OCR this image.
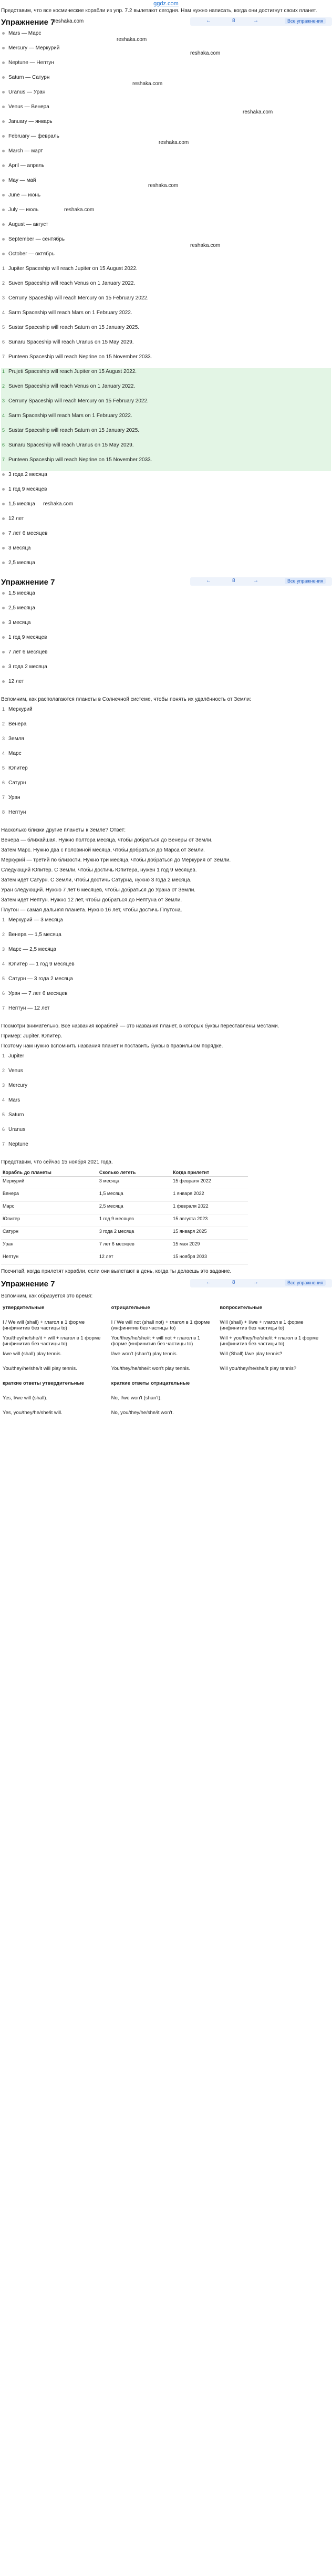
ggdz.com

Представим, что все космические корабли из упр. 7.2 вылетают сегодня. Нам нужно написать, когда они достигнут своих планет.

Упражнение 7
reshaka.com	←	8	→	Все упражнения
Mars — Марс
reshaka.com
Mercury — Меркурий
reshaka.com
Neptune — Нептун
Saturn — Сатурн
reshaka.com
Uranus — Уран
Venus — Венера
reshaka.com
January — январь
February — февраль
reshaka.com
March — март
April — апрель
May — май
reshaka.com
June — июнь
July — июль	reshaka.com
August — август
September — сентябрь
reshaka.com
October — октябрь
1 Jupiter Spaceship will reach Jupiter on 15 August 2022.
2 Suven Spaceship will reach Venus on 1 January 2022.
3 Cerruny Spaceship will reach Mercury on 15 February 2022.
4 Sarm Spaceship will reach Mars on 1 February 2022.
5 Sustar Spaceship will reach Saturn on 15 January 2025.
6 Sunaru Spaceship will reach Uranus on 15 May 2029.
7 Punteen Spaceship will reach Neprine on 15 November 2033.
1 Prujeti Spaceship will reach Jupiter on 15 August 2022.
2 Suven Spaceship will reach Venus on 1 January 2022.
3 Cerruny Spaceship will reach Mercury on 15 February 2022.
4 Sarm Spaceship will reach Mars on 1 February 2022.
5 Sustar Spaceship will reach Saturn on 15 January 2025.
6 Sunaru Spaceship will reach Uranus on 15 May 2029.
7 Punteen Spaceship will reach Neprine on 15 November 2033.
3 года 2 месяца
1 год 9 месяцев
1,5 месяца reshaka.com
12 лет
7 лет 6 месяцев
3 месяца
2,5 месяца
Упражнение 7	←	8	→	Все упражнения
1,5 месяца
2,5 месяца
3 месяца
1 год 9 месяцев
7 лет 6 месяцев
3 года 2 месяца
12 лет

Вспомним, как располагаются планеты в Солнечной системе, чтобы понять их удалённость от Земли:

1 Меркурий
2 Венера
3 Земля
4 Марс
5 Юпитер
6 Сатурн
7 Уран
8 Нептун

Насколько близки другие планеты к Земле? Ответ:

Венера — ближайшая. Нужно полтора месяца, чтобы добраться до Венеры от Земли.

Затем Марс. Нужно два с половиной месяца, чтобы добраться до Марса от Земли.

Меркурий — третий по близости. Нужно три месяца, чтобы добраться до Меркурия от Земли.

Следующий Юпитер. С Земли, чтобы достичь Юпитера, нужен 1 год 9 месяцев.

Затем идет Сатурн. С Земли, чтобы достичь Сатурна, нужно 3 года 2 месяца.

Уран следующий. Нужно 7 лет 6 месяцев, чтобы добраться до Урана от Земли.

Затем идет Нептун. Нужно 12 лет, чтобы добраться до Нептуна от Земли.

Плутон — самая дальняя планета. Нужно 16 лет, чтобы достичь Плутона.

1 Меркурий — 3 месяца
2 Венера — 1,5 месяца
3 Марс — 2,5 месяца
4 Юпитер — 1 год 9 месяцев
5 Сатурн — 3 года 2 месяца
6 Уран — 7 лет 6 месяцев
7 Нептун — 12 лет

Посмотри внимательно. Все названия кораблей — это названия планет, в которых буквы переставлены местами.

Пример: Jupiter. Юпитер.

Поэтому нам нужно вспомнить названия планет и поставить буквы в правильном порядке.

1 Jupiter
2 Venus
3 Mercury
4 Mars
5 Saturn
6 Uranus
7 Neptune

Представим, что сейчас 15 ноября 2021 года.

Корабль до планеты	Сколько лететь	Когда прилетит
Меркурий	3 месяца	15 февраля 2022
Венера	1,5 месяца	1 января 2022
Марс	2,5 месяца	1 февраля 2022
Юпитер	1 год 9 месяцев	15 августа 2023
Сатурн	3 года 2 месяца	15 января 2025
Уран	7 лет 6 месяцев	15 мая 2029
Нептун	12 лет	15 ноября 2033

Посчитай, когда прилетят корабли, если они вылетают в день, когда ты делаешь это задание.

Упражнение 7	←	8	→	Все упражнения

Вспомним, как образуется это время:

утвердительные	отрицательные	вопросительные
I / We will (shall) + глагол в 1 форме (инфинитив без частицы to)	I / We will not (shall not) + глагол в 1 форме (инфинитив без частицы to)	Will (shall) + I/we + глагол в 1 форме (инфинитив без частицы to)
You/they/he/she/it + will + глагол в 1 форме (инфинитив без частицы to)	You/they/he/she/it + will not + глагол в 1 форме (инфинитив без частицы to)	Will + you/they/he/she/it + глагол в 1 форме (инфинитив без частицы to)
I/we will (shall) play tennis.	I/we won't (shan't) play tennis.	Will (Shall) I/we play tennis?
You/they/he/she/it will play tennis.	You/they/he/she/it won't play tennis.	Will you/they/he/she/it play tennis?
краткие ответы утвердительные	краткие ответы отрицательные	
Yes, I/we will (shall).	No, I/we won't (shan't).	
Yes, you/they/he/she/it will.	No, you/they/he/she/it won't.	
